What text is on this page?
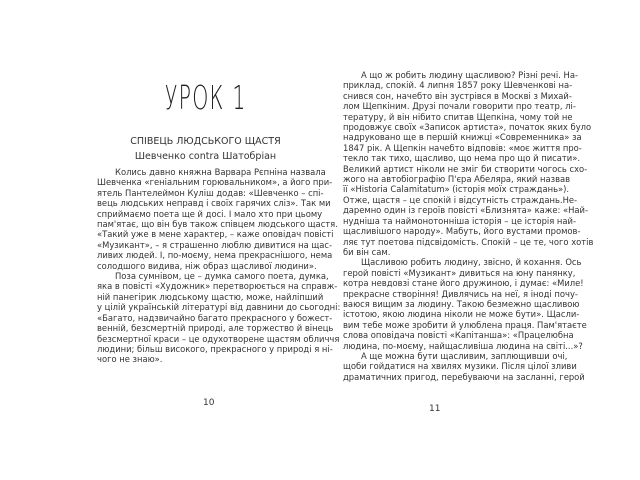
УРОК 1
СПІВЕЦЬ ЛЮДСЬКОГО ЩАСТЯ
Шевченко contra Шатобріан
Колись давно княжна Варвара Рєпніна назвала
Шевченка «геніальним горювальником», а його при-
ятель Пантелеймон Куліш додав: «Шевченко – спі-
вець людських неправд і своїх гарячих сліз». Так ми
сприймаємо поета ще й досі. І мало хто при цьому
пам'ятає, що він був також співцем людського щастя.
«Такий уже в мене характер, – каже оповідач повісті
«Музикант», – я страшенно люблю дивитися на щас-
ливих людей. І, по-моєму, нема прекраснішого, нема
солодшого видива, ніж образ щасливої людини».
Поза сумнівом, це – думка самого поета, думка,
яка в повісті «Художник» перетворюється на справж-
ній панегірик людському щастю, може, найліпший
у цілій українській літературі від давнини до сьогодні:
«Багато, надзвичайно багато прекрасного у божест-
венній, безсмертній природі, але торжество й вінець
безсмертної краси – це одухотворене щастям обличчя
людини; більш високого, прекрасного у природі я ні-
чого не знаю».
10
А що ж робить людину щасливою? Різні речі. На-
приклад, спокій. 4 липня 1857 року Шевченкові на-
снився сон, начебто він зустрівся в Москві з Михай-
лом Щепкіним. Друзі почали говорити про театр, лі-
тературу, й він нібито спитав Щепкіна, чому той не
продовжує своїх «Записок артиста», початок яких було
надруковано ще в першій книжці «Современника» за
1847 рік. А Щепкін начебто відповів: «моє життя про-
текло так тихо, щасливо, що нема про що й писати».
Великий артист ніколи не зміг би створити чогось схо-
жого на автобіографію П'єра Абеляра, який назвав
її «Historia Calamitatum» (історія моїх страждань»).
Отже, щастя – це спокій і відсутність страждань.Не-
даремно один із героїв повісті «Близнята» каже: «Най-
нудніша та наймонотонніша історія – це історія най-
щасливішого народу». Мабуть, його вустами промов-
ляє тут поетова підсвідомість. Спокій – це те, чого хотів
би він сам.
Щасливою робить людину, звісно, й кохання. Ось
герой повісті «Музикант» дивиться на юну панянку,
котра невдовзі стане його дружиною, і думає: «Миле!
прекрасне створіння! Дивлячись на неї, я іноді почу-
ваюся вищим за людину. Такою безмежно щасливою
істотою, якою людина ніколи не може бути». Щасли-
вим тебе може зробити й улюблена праця. Пам'ятаєте
слова оповідача повісті «Капітанша»: «Працелюбна
людина, по-моєму, найщасливіша людина на світі...»?
А ще можна бути щасливим, заплющивши очі,
щоби гойдатися на хвилях музики. Після цілої зливи
драматичних пригод, перебуваючи на засланні, герой
11
